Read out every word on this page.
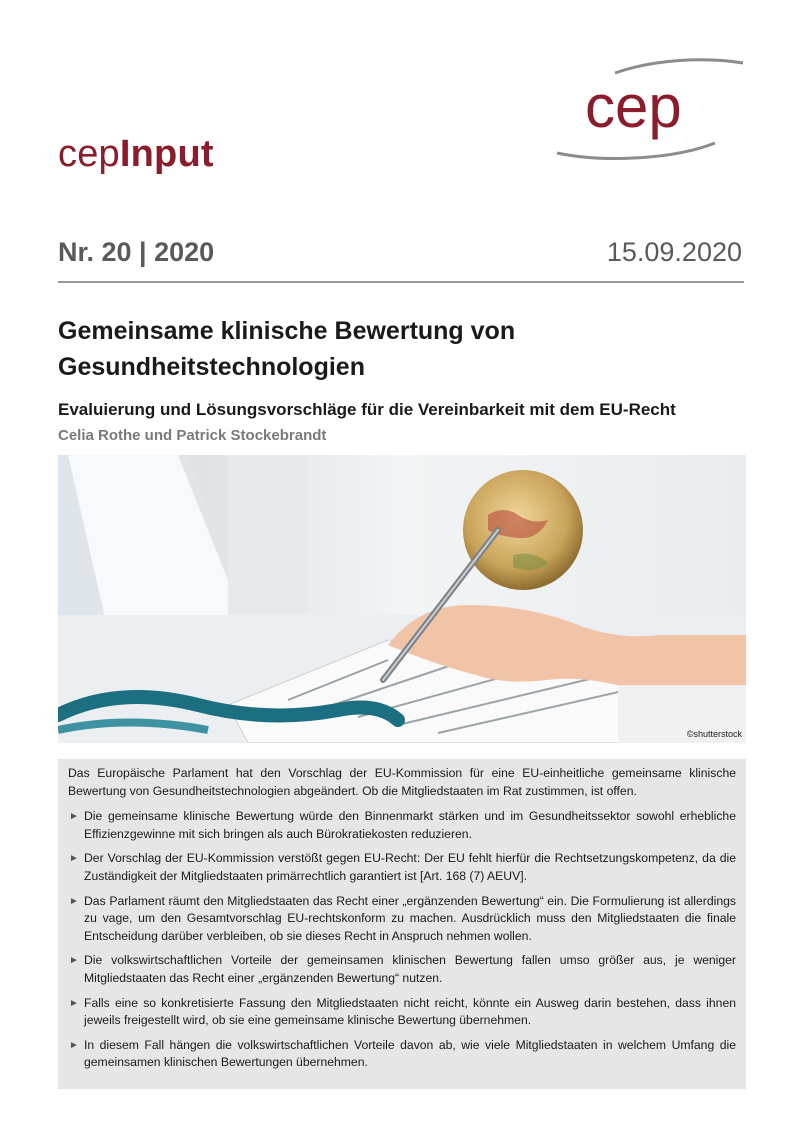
cep
cepInput
Nr. 20 | 2020	15.09.2020
Gemeinsame klinische Bewertung von Gesundheitstechnologien
Evaluierung und Lösungsvorschläge für die Vereinbarkeit mit dem EU-Recht
Celia Rothe und Patrick Stockebrandt
©shutterstock

Das Europäische Parlament hat den Vorschlag der EU-Kommission für eine EU-einheitliche gemeinsame klinische Bewertung von Gesundheitstechnologien abgeändert. Ob die Mitgliedstaaten im Rat zustimmen, ist offen.

► Die gemeinsame klinische Bewertung würde den Binnenmarkt stärken und im Gesundheitssektor sowohl erhebliche Effizienzgewinne mit sich bringen als auch Bürokratiekosten reduzieren.
► Der Vorschlag der EU-Kommission verstößt gegen EU-Recht: Der EU fehlt hierfür die Rechtsetzungskompetenz, da die Zuständigkeit der Mitgliedstaaten primärrechtlich garantiert ist [Art. 168 (7) AEUV].
► Das Parlament räumt den Mitgliedstaaten das Recht einer „ergänzenden Bewertung“ ein. Die Formulierung ist allerdings zu vage, um den Gesamtvorschlag EU-rechtskonform zu machen. Ausdrücklich muss den Mitgliedstaaten die finale Entscheidung darüber verbleiben, ob sie dieses Recht in Anspruch nehmen wollen.
► Die volkswirtschaftlichen Vorteile der gemeinsamen klinischen Bewertung fallen umso größer aus, je weniger Mitgliedstaaten das Recht einer „ergänzenden Bewertung“ nutzen.
► Falls eine so konkretisierte Fassung den Mitgliedstaaten nicht reicht, könnte ein Ausweg darin bestehen, dass ihnen jeweils freigestellt wird, ob sie eine gemeinsame klinische Bewertung übernehmen.
► In diesem Fall hängen die volkswirtschaftlichen Vorteile davon ab, wie viele Mitgliedstaaten in welchem Umfang die gemeinsamen klinischen Bewertungen übernehmen.
